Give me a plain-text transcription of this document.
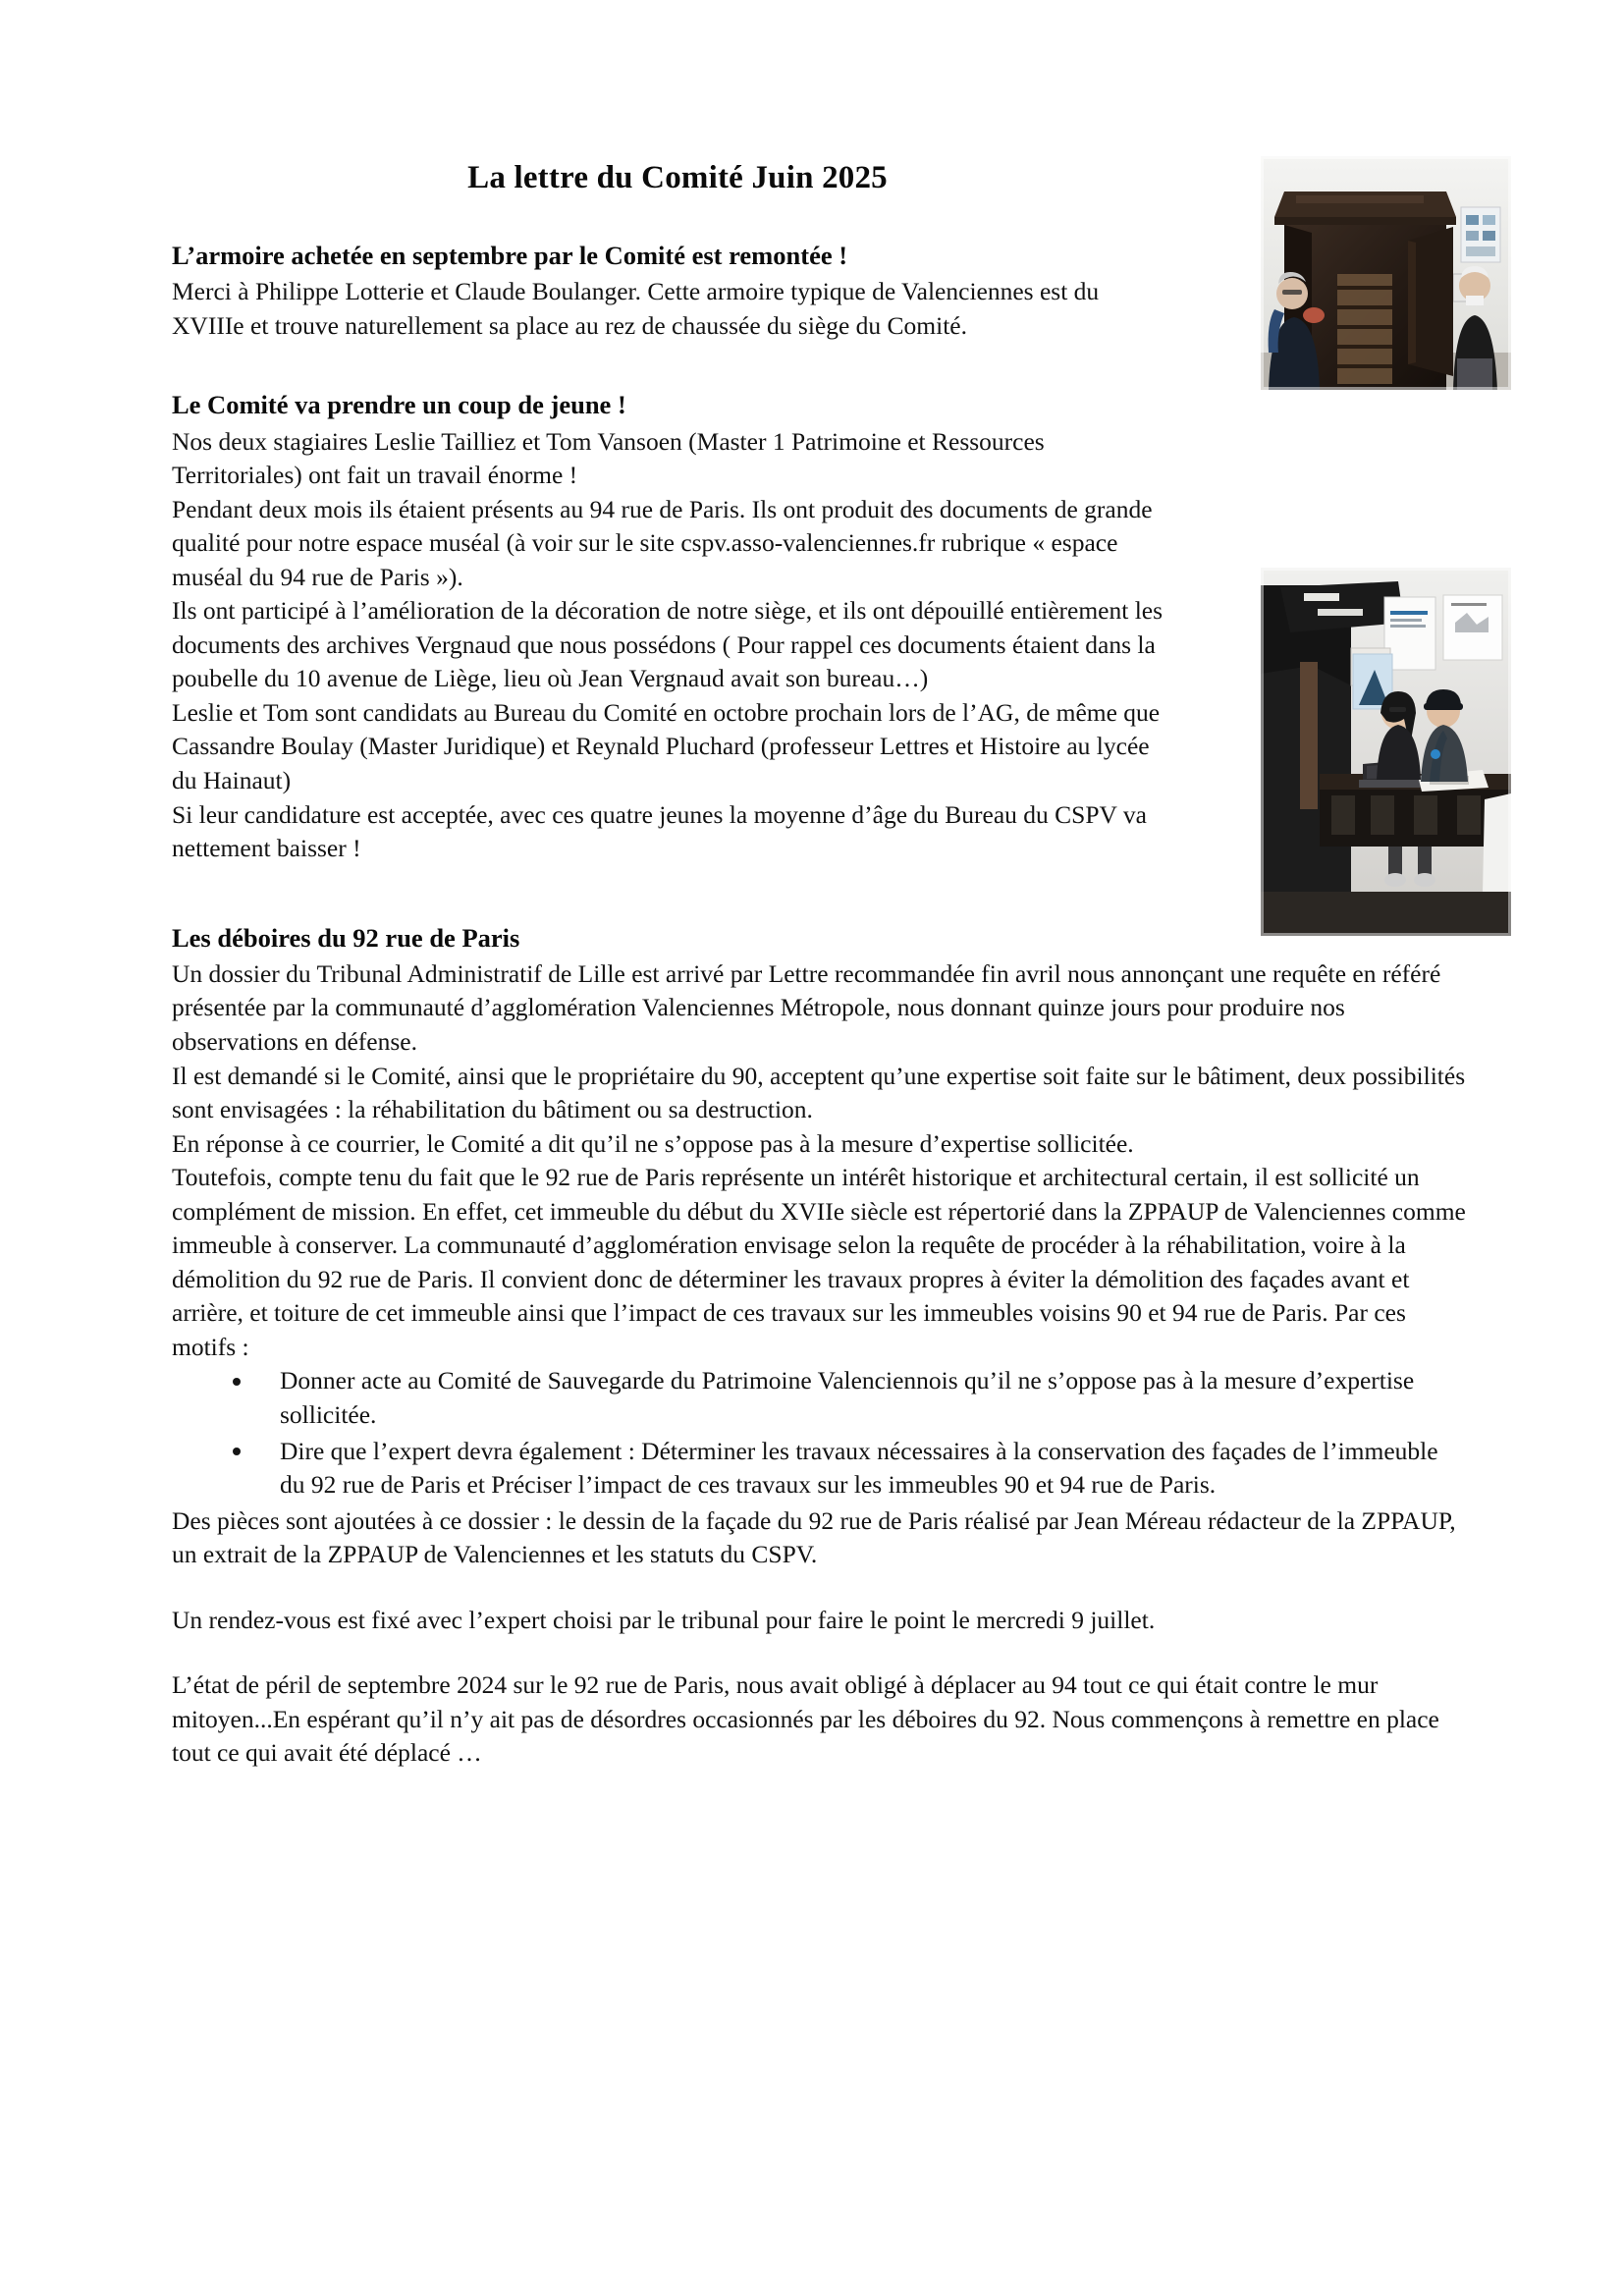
La lettre du Comité Juin 2025
L’armoire achetée en septembre par le Comité est remontée !

Merci à Philippe Lotterie et Claude Boulanger. Cette armoire typique de Valenciennes est du XVIIIe et trouve naturellement sa place au rez de chaussée du siège du Comité.

Le Comité va prendre un coup de jeune !

Nos deux stagiaires Leslie Tailliez et Tom Vansoen (Master 1 Patrimoine et Ressources Territoriales) ont fait un travail énorme !

Pendant deux mois ils étaient présents au 94 rue de Paris. Ils ont produit des documents de grande qualité pour notre espace muséal (à voir sur le site cspv.asso-valenciennes.fr rubrique « espace muséal du 94 rue de Paris »).

Ils ont participé à l’amélioration de la décoration de notre siège, et ils ont dépouillé entièrement les documents des archives Vergnaud que nous possédons ( Pour rappel ces documents étaient dans la poubelle du 10 avenue de Liège, lieu où Jean Vergnaud avait son bureau…)

Leslie et Tom sont candidats au Bureau du Comité en octobre prochain lors de l’AG, de même que Cassandre Boulay (Master Juridique) et Reynald Pluchard (professeur Lettres et Histoire au lycée du Hainaut)

Si leur candidature est acceptée, avec ces quatre jeunes la moyenne d’âge du Bureau du CSPV va nettement baisser !

Les déboires du 92 rue de Paris

Un dossier du Tribunal Administratif de Lille est arrivé par Lettre recommandée fin avril nous annonçant une requête en référé présentée par la communauté d’agglomération Valenciennes Métropole, nous donnant quinze jours pour produire nos observations en défense.

Il est demandé si le Comité, ainsi que le propriétaire du 90, acceptent qu’une expertise soit faite sur le bâtiment, deux possibilités sont envisagées : la réhabilitation du bâtiment ou sa destruction.

En réponse à ce courrier, le Comité a dit qu’il ne s’oppose pas à la mesure d’expertise sollicitée.

Toutefois, compte tenu du fait que le 92 rue de Paris représente un intérêt historique et architectural certain, il est sollicité un complément de mission. En effet, cet immeuble du début du XVIIe siècle est répertorié dans la ZPPAUP de Valenciennes comme immeuble à conserver. La communauté d’agglomération envisage selon la requête de procéder à la réhabilitation, voire à la démolition du 92 rue de Paris. Il convient donc de déterminer les travaux propres à éviter la démolition des façades avant et arrière, et toiture de cet immeuble ainsi que l’impact de ces travaux sur les immeubles voisins 90 et 94 rue de Paris. Par ces motifs :

Donner acte au Comité de Sauvegarde du Patrimoine Valenciennois qu’il ne s’oppose pas à la mesure d’expertise sollicitée.
Dire que l’expert devra également : Déterminer les travaux nécessaires à la conservation des façades de l’immeuble du 92 rue de Paris et Préciser l’impact de ces travaux sur les immeubles 90 et 94 rue de Paris.

Des pièces sont ajoutées à ce dossier : le dessin de la façade du 92 rue de Paris réalisé par Jean Méreau rédacteur de la ZPPAUP, un extrait de la ZPPAUP de Valenciennes et les statuts du CSPV.

Un rendez-vous est fixé avec l’expert choisi par le tribunal pour faire le point le mercredi 9 juillet.

L’état de péril de septembre 2024 sur le 92 rue de Paris, nous avait obligé à déplacer au 94 tout ce qui était contre le mur mitoyen...En espérant qu’il n’y ait pas de désordres occasionnés par les déboires du 92. Nous commençons à remettre en place tout ce qui avait été déplacé …
